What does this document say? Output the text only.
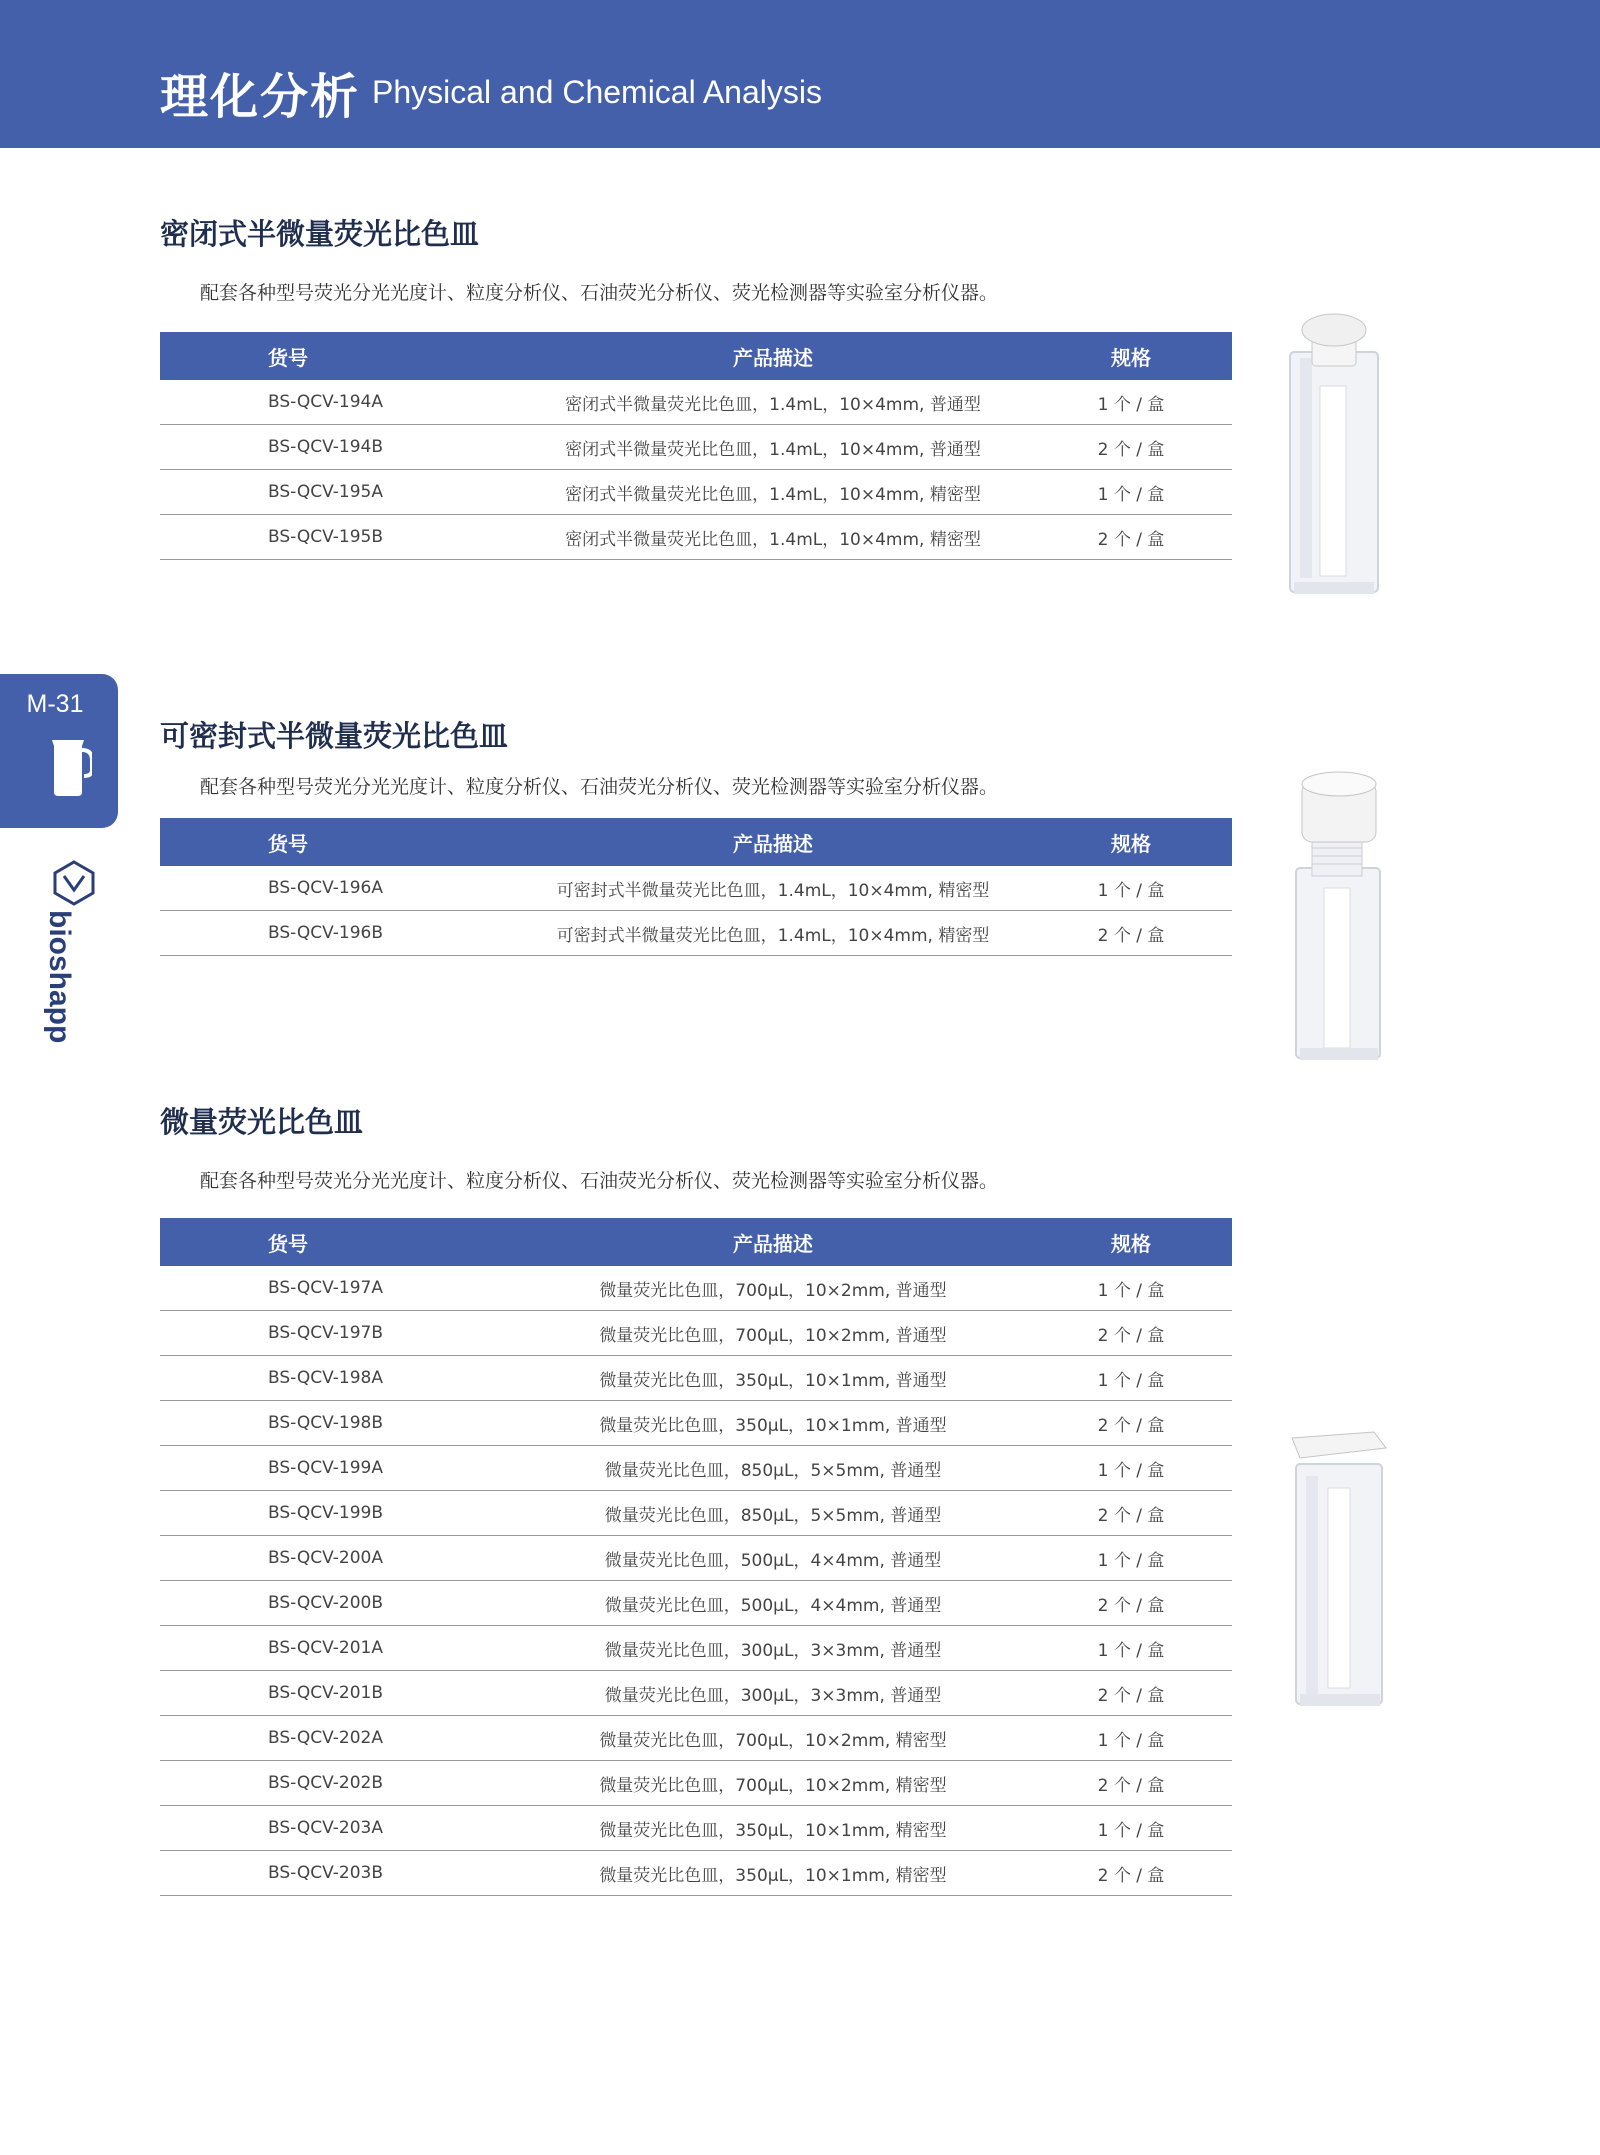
理化分析 Physical and Chemical Analysis
M-31
bioshарp
密闭式半微量荧光比色皿
配套各种型号荧光分光光度计、粒度分析仪、石油荧光分析仪、荧光检测器等实验室分析仪器。
货号	产品描述	规格
BS-QCV-194A	密闭式半微量荧光比色皿，1.4mL，10×4mm, 普通型	1 个 / 盒
BS-QCV-194B	密闭式半微量荧光比色皿，1.4mL，10×4mm, 普通型	2 个 / 盒
BS-QCV-195A	密闭式半微量荧光比色皿，1.4mL，10×4mm, 精密型	1 个 / 盒
BS-QCV-195B	密闭式半微量荧光比色皿，1.4mL，10×4mm, 精密型	2 个 / 盒
可密封式半微量荧光比色皿
配套各种型号荧光分光光度计、粒度分析仪、石油荧光分析仪、荧光检测器等实验室分析仪器。
货号	产品描述	规格
BS-QCV-196A	可密封式半微量荧光比色皿，1.4mL，10×4mm, 精密型	1 个 / 盒
BS-QCV-196B	可密封式半微量荧光比色皿，1.4mL，10×4mm, 精密型	2 个 / 盒
微量荧光比色皿
配套各种型号荧光分光光度计、粒度分析仪、石油荧光分析仪、荧光检测器等实验室分析仪器。
货号	产品描述	规格
BS-QCV-197A	微量荧光比色皿，700µL，10×2mm, 普通型	1 个 / 盒
BS-QCV-197B	微量荧光比色皿，700µL，10×2mm, 普通型	2 个 / 盒
BS-QCV-198A	微量荧光比色皿，350µL，10×1mm, 普通型	1 个 / 盒
BS-QCV-198B	微量荧光比色皿，350µL，10×1mm, 普通型	2 个 / 盒
BS-QCV-199A	微量荧光比色皿，850µL，5×5mm, 普通型	1 个 / 盒
BS-QCV-199B	微量荧光比色皿，850µL，5×5mm, 普通型	2 个 / 盒
BS-QCV-200A	微量荧光比色皿，500µL，4×4mm, 普通型	1 个 / 盒
BS-QCV-200B	微量荧光比色皿，500µL，4×4mm, 普通型	2 个 / 盒
BS-QCV-201A	微量荧光比色皿，300µL，3×3mm, 普通型	1 个 / 盒
BS-QCV-201B	微量荧光比色皿，300µL，3×3mm, 普通型	2 个 / 盒
BS-QCV-202A	微量荧光比色皿，700µL，10×2mm, 精密型	1 个 / 盒
BS-QCV-202B	微量荧光比色皿，700µL，10×2mm, 精密型	2 个 / 盒
BS-QCV-203A	微量荧光比色皿，350µL，10×1mm, 精密型	1 个 / 盒
BS-QCV-203B	微量荧光比色皿，350µL，10×1mm, 精密型	2 个 / 盒
